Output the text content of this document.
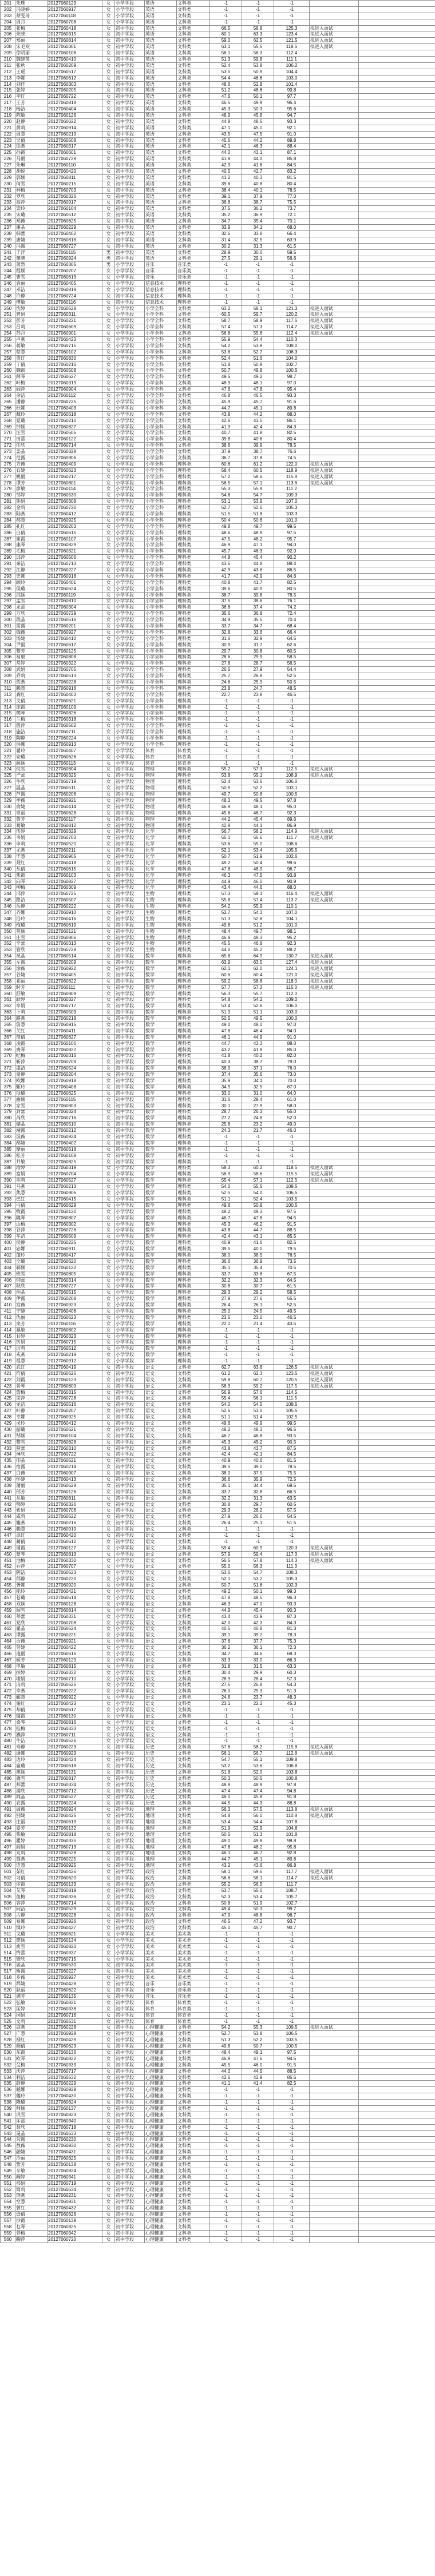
201	朱珠	20127060129	女	小学学段	英语	文科类	-1	-1	-1		
202	冯晓娇	20127060917	女	小学学段	英语	文科类	-1	-1	-1		
203	蔡雯琦	20127060118	女	小学学段	英语	文科类	-1	-1	-1		
204	周丹	20127060708	女	小学学段	英语	文科类	-1	-1	-1		
205	张梅	20127060418	女	初中学段	英语	文科类	66.5	58.8	125.3	拟进入面试	
206	朱晓	20127060315	女	初中学段	英语	文科类	60.1	63.3	123.4	拟进入面试	
207	郑丽	20127060814	女	初中学段	英语	文科类	59.0	62.5	121.5	拟进入面试	
208	宋毛欢	20127060301	女	初中学段	英语	文科类	63.1	55.5	118.6	拟进入面试	
209	徐明丽	20127060108	女	初中学段	英语	文科类	56.1	56.3	112.4		
210	魏建英	20127060410	女	初中学段	英语	文科类	51.3	59.8	111.1		
211	张秋	20127060209	女	初中学段	英语	文科类	52.4	53.8	106.2		
212	王瑶	20127060517	女	初中学段	英语	文科类	53.5	50.9	104.4		
213	李娜	20127060612	女	初中学段	英语	文科类	54.4	48.6	103.0		
214	刘佳	20127060303	女	初中学段	英语	文科类	48.6	52.8	101.4		
215	张婷	20127060205	女	初中学段	英语	文科类	51.2	48.6	99.8		
216	李红	20127060722	女	初中学段	英语	文科类	47.6	50.1	97.7		
217	王芳	20127060818	女	初中学段	英语	文科类	46.5	49.9	96.4		
218	杨洁	20127060404	女	初中学段	英语	文科类	45.3	50.3	95.6		
219	陈敏	20127060126	女	初中学段	英语	文科类	48.9	45.8	94.7		
220	赵静	20127060622	女	初中学段	英语	文科类	44.8	48.5	93.3		
221	黄莉	20127060914	女	初中学段	英语	文科类	47.1	45.0	92.1		
222	周慧	20127060219	女	初中学段	英语	文科类	43.5	47.5	91.0		
223	吴倩	20127060508	女	初中学段	英语	文科类	45.6	44.2	89.8		
224	徐燕	20127060317	女	初中学段	英语	文科类	42.1	46.3	88.4		
225	孙霞	20127060601	女	初中学段	英语	文科类	44.0	43.1	87.1		
226	马丽	20127060729	女	初中学段	英语	文科类	41.8	44.0	85.8		
227	朱琳	20127060110	女	初中学段	英语	文科类	42.9	41.6	84.5		
228	胡悦	20127060420	女	初中学段	英语	文科类	40.5	42.7	83.2		
229	郭颖	20127060811	女	初中学段	英语	文科类	41.2	40.3	81.5		
230	何雪	20127060215	女	初中学段	英语	文科类	39.6	40.8	80.4		
231	林梅	20127060703	女	初中学段	英语	文科类	38.4	40.1	78.5		
232	罗欣	20127060326	女	初中学段	英语	文科类	39.1	37.9	77.0		
233	高萍	20127060917	女	初中学段	英语	文科类	36.8	38.7	75.5		
234	梁玲	20127060104	女	初中学段	英语	文科类	37.5	36.2	73.7		
235	宋璐	20127060512	女	初中学段	英语	文科类	35.2	36.9	72.1		
236	郑薇	20127060625	女	初中学段	英语	文科类	34.7	35.4	70.1		
237	谢晶	20127060229	女	初中学段	英语	文科类	33.9	34.1	68.0		
238	韩蕾	20127060402	女	初中学段	英语	文科类	32.6	33.8	66.4		
239	唐婕	20127060818	女	初中学段	英语	文科类	31.4	32.5	63.9		
240	冯露	20127060727	女	初中学段	英语	文科类	30.2	31.3	61.5		
241	于洋	20127060115	男	初中学段	英语	文科类	28.9	30.6	59.5		
242	董鹏	20127060924	男	初中学段	英语	文科类	27.5	29.1	56.6		
243	萧然	20127060306	男	小学学段	音乐	音乐类	-1	-1	-1		
244	程颖	20127060207	女	小学学段	音乐	音乐类	-1	-1	-1		
245	曹雪	20127060613	女	小学学段	音乐	音乐类	-1	-1	-1		
246	袁丽	20127060405	女	小学学段	信息技术	理科类	-1	-1	-1		
247	邓洁	20127060819	女	小学学段	信息技术	理科类	-1	-1	-1		
248	许静	20127060724	女	初中学段	信息技术	理科类	-1	-1	-1		
249	傅敏	20127060116	女	初中学段	信息技术	理科类	-1	-1	-1		
250	沈婷	20127060528	女	小学学段	小学全科	文科类	63.2	58.1	121.3	拟进入面试	
251	曾娟	20127060311	女	小学学段	小学全科	文科类	60.5	59.7	120.2	拟进入面试	
252	彭芳	20127060221	女	小学学段	小学全科	文科类	58.7	58.9	117.6	拟进入面试	
253	吕莉	20127060609	女	小学学段	小学全科	文科类	57.4	57.3	114.7	拟进入面试	
254	苏丹	20127060901	女	小学学段	小学全科	文科类	56.8	55.6	112.4	拟进入面试	
255	卢燕	20127060423	女	小学学段	小学全科	文科类	55.9	54.4	110.3		
256	蒋敏	20127060715	女	小学学段	小学全科	文科类	54.2	53.8	108.0		
257	蔡慧	20127060102	女	小学学段	小学全科	文科类	53.6	52.7	106.3		
258	贾红	20127060830	女	小学学段	小学全科	文科类	52.4	51.6	104.0		
259	丁倩	20127060216	女	小学学段	小学全科	文科类	51.8	50.9	102.7		
260	魏霞	20127060508	女	小学学段	小学全科	文科类	50.7	49.8	100.5		
261	薛琴	20127060627	女	小学学段	小学全科	文科类	49.5	49.2	98.7		
262	叶梅	20127060319	女	小学学段	小学全科	文科类	48.9	48.1	97.0		
263	阎萍	20127060904	女	小学学段	小学全科	文科类	47.6	47.8	95.4		
264	余洁	20127060112	女	小学学段	小学全科	文科类	46.8	46.5	93.3		
265	潘静	20127060725	女	小学学段	小学全科	文科类	45.9	45.7	91.6		
266	杜娜	20127060403	女	小学学段	小学全科	文科类	44.7	45.1	89.8		
267	戴玲	20127060618	女	小学学段	小学全科	文科类	43.8	44.2	88.0		
268	夏璐	20127060210	女	小学学段	小学全科	文科类	42.6	43.5	86.1		
269	钟颖	20127060827	女	小学学段	小学全科	文科类	41.9	42.4	84.3		
270	汪雪	20127060505	女	小学学段	小学全科	文科类	40.7	41.8	82.5		
271	田蕾	20127060122	女	小学学段	小学全科	文科类	39.8	40.6	80.4		
272	任欣	20127060714	女	小学学段	小学全科	文科类	38.6	39.9	78.5		
273	姜晶	20127060328	女	小学学段	小学全科	文科类	37.9	38.7	76.6		
274	范露	20127060906	女	小学学段	小学全科	文科类	36.7	37.8	74.5		
275	方薇	20127060409	女	小学学段	小学全科	理科类	60.8	61.2	122.0	拟进入面试	
276	石婕	20127060623	女	小学学段	小学全科	理科类	58.4	60.5	118.9	拟进入面试	
277	姚丽	20127060217	女	小学学段	小学全科	理科类	57.2	58.6	115.8	拟进入面试	
278	谭芳	20127060801	女	小学学段	小学全科	理科类	56.5	57.1	113.6	拟进入面试	
279	廖敏	20127060114	女	小学学段	小学全科	理科类	55.3	55.9	111.2		
280	邹婷	20127060530	女	小学学段	小学全科	理科类	54.6	54.7	109.3		
281	熊娟	20127060308	女	小学学段	小学全科	理科类	53.1	53.9	107.0		
282	金莉	20127060720	女	小学学段	小学全科	理科类	52.7	52.6	105.3		
283	陆燕	20127060412	女	小学学段	小学全科	理科类	51.5	51.8	103.3		
284	郝慧	20127060925	女	小学学段	小学全科	理科类	50.4	50.6	101.0		
285	孔红	20127060203	女	小学学段	小学全科	理科类	49.8	49.7	99.5		
286	白倩	20127060615	女	小学学段	小学全科	理科类	48.6	48.9	97.5		
287	崔霞	20127060107	女	小学学段	小学全科	理科类	47.5	48.2	95.7		
288	康琴	20127060829	女	小学学段	小学全科	理科类	46.9	47.1	94.0		
289	毛梅	20127060321	女	小学学段	小学全科	理科类	45.7	46.3	92.0		
290	邱萍	20127060506	女	小学学段	小学全科	理科类	44.8	45.4	90.2		
291	秦洁	20127060713	女	小学学段	小学全科	理科类	43.6	44.8	88.4		
292	江静	20127060227	女	小学学段	小学全科	理科类	42.9	43.6	86.5		
293	史娜	20127060918	女	小学学段	小学全科	理科类	41.7	42.9	84.6		
294	顾玲	20127060401	女	小学学段	小学全科	理科类	40.8	41.7	82.5		
295	侯璐	20127060624	女	小学学段	小学全科	理科类	39.6	40.9	80.5		
296	邵颖	20127060119	女	小学学段	小学全科	理科类	38.7	39.8	78.5		
297	孟雪	20127060810	女	小学学段	小学全科	理科类	37.5	38.6	76.1		
298	龙蕾	20127060304	女	小学学段	小学全科	理科类	36.8	37.4	74.2		
299	万欣	20127060729	女	小学学段	小学全科	理科类	35.6	36.8	72.4		
300	段晶	20127060516	女	小学学段	小学全科	理科类	34.9	35.5	70.4		
301	雷露	20127060201	女	小学学段	小学全科	理科类	33.7	34.7	68.4		
302	钱薇	20127060927	女	小学学段	小学全科	理科类	32.8	33.6	66.4		
303	汤婕	20127060410	女	小学学段	小学全科	理科类	31.6	32.9	64.5		
304	尹丽	20127060617	女	小学学段	小学全科	理科类	30.9	31.7	62.6		
305	黎芳	20127060125	女	小学学段	小学全科	理科类	29.7	30.8	60.5		
306	易敏	20127060808	女	小学学段	小学全科	理科类	28.6	29.9	58.5		
307	常婷	20127060322	女	小学学段	小学全科	理科类	27.8	28.7	56.5		
308	武娟	20127060705	女	小学学段	小学全科	理科类	26.5	27.9	54.4		
309	乔莉	20127060513	女	小学学段	小学全科	理科类	25.7	26.8	52.5		
310	贺燕	20127060228	女	小学学段	小学全科	理科类	24.6	25.9	50.5		
311	赖慧	20127060916	女	小学学段	小学全科	理科类	23.8	24.7	48.5		
312	龚红	20127060403	女	小学学段	小学全科	理科类	22.7	23.8	46.5		
313	文倩	20127060621	女	小学学段	小学全科	理科类	-1	-1	-1		
314	庞霞	20127060109	女	小学学段	小学全科	理科类	-1	-1	-1		
315	樊琴	20127060826	女	小学学段	小学全科	理科类	-1	-1	-1		
316	兰梅	20127060318	女	小学学段	小学全科	理科类	-1	-1	-1		
317	殷萍	20127060502	女	小学学段	小学全科	理科类	-1	-1	-1		
318	施洁	20127060711	女	小学学段	小学全科	理科类	-1	-1	-1		
319	陶静	20127060224	女	小学学段	小学全科	理科类	-1	-1	-1		
320	洪娜	20127060913	女	小学学段	小学全科	理科类	-1	-1	-1		
321	翟玲	20127060407	女	小学学段	体育	体育类	-1	-1	-1		
322	安璐	20127060626	女	小学学段	体育	体育类	-1	-1	-1		
323	颜颖	20127060113	女	小学学段	体育	体育类	-1	-1	-1		
324	倪雪	20127060804	女	初中学段	物理	理科类	55.2	57.3	112.5	拟进入面试	
325	严蕾	20127060325	女	初中学段	物理	理科类	53.8	55.1	108.9	拟进入面试	
326	牛欣	20127060719	女	初中学段	物理	理科类	52.4	53.6	106.0		
327	温晶	20127060511	女	初中学段	物理	理科类	50.9	52.2	103.1		
328	芦露	20127060206	女	初中学段	物理	理科类	49.7	50.8	100.5		
329	季薇	20127060921	女	初中学段	物理	理科类	48.3	49.5	97.8		
330	俞婕	20127060414	女	初中学段	物理	理科类	46.9	48.1	95.0		
331	章丽	20127060628	女	初中学段	物理	理科类	45.6	46.7	92.3		
332	鲁芳	20127060117	女	初中学段	物理	理科类	44.2	45.4	89.6		
333	葛敏	20127060812	女	初中学段	物理	理科类	42.8	44.1	86.9		
334	伍婷	20127060329	女	初中学段	化学	理科类	56.7	58.2	114.9	拟进入面试	
335	韦娟	20127060703	女	初中学段	化学	理科类	55.1	56.6	111.7	拟进入面试	
336	申莉	20127060520	女	初中学段	化学	理科类	53.6	55.0	108.6		
337	尤燕	20127060211	女	初中学段	化学	理科类	52.1	53.4	105.5		
338	毕慧	20127060905	女	初中学段	化学	理科类	50.7	51.9	102.6		
339	聂红	20127060418	女	初中学段	化学	理科类	49.2	50.4	99.6		
340	丛倩	20127060615	女	初中学段	化学	理科类	47.8	48.9	96.7		
341	焦霞	20127060103	女	初中学段	化学	理科类	46.3	47.5	93.8		
342	向琴	20127060827	女	初中学段	化学	理科类	44.9	46.0	90.9		
343	柳梅	20127060309	女	初中学段	化学	理科类	43.4	44.6	88.0		
344	邢萍	20127060725	女	初中学段	生物	理科类	57.3	59.1	116.4	拟进入面试	
345	路洁	20127060507	女	初中学段	生物	理科类	55.8	57.4	113.2	拟进入面试	
346	岳静	20127060222	女	初中学段	生物	理科类	54.2	55.9	110.1		
347	齐娜	20127060910	女	初中学段	生物	理科类	52.7	54.3	107.0		
348	沿玲	20127060416	女	初中学段	生物	理科类	51.3	52.8	104.1		
349	梅璐	20127060619	女	初中学段	生物	理科类	49.8	51.2	101.0		
350	莫颖	20127060121	女	初中学段	生物	理科类	48.4	49.7	98.1		
351	庄雪	20127060806	女	初中学段	生物	理科类	46.9	48.3	95.2		
352	辛蕾	20127060313	女	初中学段	生物	理科类	45.5	46.8	92.3		
353	管欣	20127060728	女	初中学段	生物	理科类	44.0	45.2	89.2		
354	祝晶	20127060514	女	初中学段	数学	理科类	65.8	64.9	130.7	拟进入面试	
355	左露	20127060209	女	初中学段	数学	理科类	63.9	63.5	127.4	拟进入面试	
356	涂薇	20127060922	女	初中学段	数学	理科类	62.1	62.0	124.1	拟进入面试	
357	谷婕	20127060405	女	初中学段	数学	理科类	60.6	60.4	121.0	拟进入面试	
358	祁丽	20127060622	女	初中学段	数学	理科类	59.2	58.8	118.0	拟进入面试	
359	时芳	20127060111	女	初中学段	数学	理科类	57.7	57.3	115.0	拟进入面试	
360	舒敏	20127060809	女	初中学段	数学	理科类	56.3	55.7	112.0		
361	耿婷	20127060327	女	初中学段	数学	理科类	54.8	54.2	109.0		
362	牟娟	20127060717	女	初中学段	数学	理科类	53.4	52.6	106.0		
363	卜莉	20127060503	女	初中学段	数学	理科类	51.9	51.1	103.0		
364	路燕	20127060218	女	初中学段	数学	理科类	50.5	49.5	100.0		
365	詹慧	20127060915	女	初中学段	数学	理科类	49.0	48.0	97.0		
366	关红	20127060411	女	初中学段	数学	理科类	47.6	46.4	94.0		
367	苗倩	20127060627	女	初中学段	数学	理科类	46.1	44.9	91.0		
368	凌霞	20127060106	女	初中学段	数学	理科类	44.7	43.3	88.0		
369	费琴	20127060822	女	初中学段	数学	理科类	43.2	41.8	85.0		
370	纪梅	20127060316	女	初中学段	数学	理科类	41.8	40.2	82.0		
371	靳萍	20127060709	女	初中学段	数学	理科类	40.3	38.7	79.0		
372	盛洁	20127060524	女	初中学段	数学	理科类	38.9	37.1	76.0		
373	童静	20127060204	女	初中学段	数学	理科类	37.4	35.6	73.0		
374	欧娜	20127060918	女	初中学段	数学	理科类	35.9	34.1	70.0		
375	甄玲	20127060408	女	初中学段	数学	理科类	34.5	32.5	67.0		
376	项璐	20127060625	女	初中学段	数学	理科类	33.0	31.0	64.0		
377	曲颖	20127060115	女	初中学段	数学	理科类	31.6	29.4	61.0		
378	家雪	20127060803	女	初中学段	数学	理科类	30.1	27.9	58.0		
379	封蕾	20127060324	女	初中学段	数学	理科类	28.7	26.3	55.0		
380	芮欣	20127060716	女	初中学段	数学	理科类	27.2	24.8	52.0		
381	储晶	20127060510	女	初中学段	数学	理科类	25.8	23.2	49.0		
382	靖露	20127060212	女	初中学段	数学	理科类	24.3	21.7	46.0		
383	汲薇	20127060924	女	初中学段	数学	理科类	-1	-1	-1		
384	邴婕	20127060402	女	初中学段	数学	理科类	-1	-1	-1		
385	糜丽	20127060618	女	初中学段	数学	理科类	-1	-1	-1		
386	松芳	20127060108	女	初中学段	数学	理科类	-1	-1	-1		
387	井敏	20127060825	女	初中学段	数学	理科类	-1	-1	-1		
388	段婷	20127060319	女	小学学段	数学	理科类	58.3	60.2	118.5	拟进入面试	
389	富娟	20127060704	女	小学学段	数学	理科类	56.9	58.6	115.5	拟进入面试	
390	巫莉	20127060527	女	小学学段	数学	理科类	55.4	57.1	112.5	拟进入面试	
391	乌燕	20127060213	女	小学学段	数学	理科类	54.0	55.5	109.5		
392	焦慧	20127060906	女	小学学段	数学	理科类	52.5	54.0	106.5		
393	巴红	20127060415	女	小学学段	数学	理科类	51.1	52.4	103.5		
394	弓倩	20127060629	女	小学学段	数学	理科类	49.6	50.9	100.5		
395	牧霞	20127060120	女	小学学段	数学	理科类	48.2	49.3	97.5		
396	隗琴	20127060807	女	小学学段	数学	理科类	46.7	47.8	94.5		
397	山梅	20127060302	女	小学学段	数学	理科类	45.3	46.2	91.5		
398	谷萍	20127060726	女	小学学段	数学	理科类	43.8	44.7	88.5		
399	车洁	20127060509	女	小学学段	数学	理科类	42.4	43.1	85.5		
400	侯静	20127060225	女	小学学段	数学	理科类	40.9	41.6	82.5		
401	宓娜	20127060911	女	小学学段	数学	理科类	39.5	40.0	79.5		
402	蓬玲	20127060417	女	小学学段	数学	理科类	38.0	38.5	76.5		
403	全璐	20127060620	女	小学学段	数学	理科类	36.6	36.9	73.5		
404	郗颖	20127060122	女	小学学段	数学	理科类	35.1	35.4	70.5		
405	班雪	20127060805	女	小学学段	数学	理科类	33.7	33.8	67.5		
406	仰蕾	20127060314	女	小学学段	数学	理科类	32.2	32.3	64.5		
407	秋欣	20127060727	女	小学学段	数学	理科类	30.8	30.7	61.5		
408	仲晶	20127060515	女	小学学段	数学	理科类	29.3	29.2	58.5		
409	伊露	20127060208	女	小学学段	数学	理科类	27.9	27.6	55.5		
410	宫薇	20127060923	女	小学学段	数学	理科类	26.4	26.1	52.5		
411	宁婕	20127060406	女	小学学段	数学	理科类	25.0	24.5	49.5		
412	仇丽	20127060623	女	小学学段	数学	理科类	23.5	23.0	46.5		
413	栾芳	20127060116	女	小学学段	数学	理科类	22.1	21.4	43.5		
414	暴敏	20127060802	女	小学学段	数学	理科类	-1	-1	-1		
415	甘婷	20127060323	女	小学学段	数学	理科类	-1	-1	-1		
416	钭娟	20127060715	女	小学学段	数学	理科类	-1	-1	-1		
417	厉莉	20127060512	女	小学学段	数学	理科类	-1	-1	-1		
418	戎燕	20127060219	女	小学学段	数学	理科类	-1	-1	-1		
419	祖慧	20127060912	女	小学学段	数学	理科类	-1	-1	-1		
420	武红	20127060419	女	初中学段	语文	文科类	62.7	63.8	126.5	拟进入面试	
421	符倩	20127060626	女	初中学段	语文	文科类	61.2	62.3	123.5	拟进入面试	
422	刘霞	20127060123	女	初中学段	语文	文科类	59.8	60.7	120.5	拟进入面试	
423	景琴	20127060809	女	初中学段	语文	文科类	58.3	59.2	117.5	拟进入面试	
424	詹梅	20127060315	女	初中学段	语文	文科类	56.9	57.6	114.5		
425	束萍	20127060728	女	初中学段	语文	文科类	55.4	56.1	111.5		
426	龙洁	20127060516	女	初中学段	语文	文科类	54.0	54.5	108.5		
427	叶静	20127060207	女	初中学段	语文	文科类	52.5	53.0	105.5		
428	幸娜	20127060925	女	初中学段	语文	文科类	51.1	51.4	102.5		
429	司玲	20127060412	女	初中学段	语文	文科类	49.6	49.9	99.5		
430	韶璐	20127060621	女	初中学段	语文	文科类	48.2	48.3	96.5		
431	郜颖	20127060104	女	初中学段	语文	文科类	46.7	46.8	93.5		
432	黎雪	20127060828	女	初中学段	语文	文科类	45.3	45.2	90.5		
433	蓟蕾	20127060310	女	初中学段	语文	文科类	43.8	43.7	87.5		
434	薄欣	20127060722	女	初中学段	语文	文科类	42.4	42.1	84.5		
435	印晶	20127060521	女	初中学段	语文	文科类	40.9	40.6	81.5		
436	宿露	20127060214	女	初中学段	语文	文科类	39.5	39.0	78.5		
437	白薇	20127060907	女	初中学段	语文	文科类	38.0	37.5	75.5		
438	怀婕	20127060413	女	初中学段	语文	文科类	36.6	35.9	72.5		
439	蒲丽	20127060628	女	初中学段	语文	文科类	35.1	34.4	69.5		
440	邰芳	20127060126	女	初中学段	语文	文科类	33.7	32.8	66.5		
441	从敏	20127060811	女	初中学段	语文	文科类	32.2	31.3	63.5		
442	鄂婷	20127060326	女	初中学段	语文	文科类	30.8	29.7	60.5		
443	索娟	20127060706	女	初中学段	语文	文科类	29.3	28.2	57.5		
444	咸莉	20127060522	女	初中学段	语文	文科类	27.9	26.6	54.5		
445	籍燕	20127060216	女	初中学段	语文	文科类	26.4	25.1	51.5		
446	赖慧	20127060919	女	初中学段	语文	文科类	-1	-1	-1		
447	卓红	20127060420	女	初中学段	语文	文科类	-1	-1	-1		
448	蔺倩	20127060612	女	初中学段	语文	文科类	-1	-1	-1		
449	屠霞	20127060127	女	小学学段	语文	文科类	59.4	60.9	120.3	拟进入面试	
450	蒙琴	20127060813	女	小学学段	语文	文科类	57.9	59.4	117.3	拟进入面试	
451	池梅	20127060330	女	小学学段	语文	文科类	56.5	57.8	114.3	拟进入面试	
452	乔萍	20127060707	女	小学学段	语文	文科类	55.0	56.3	111.3		
453	阴洁	20127060523	女	小学学段	语文	文科类	53.6	54.7	108.3		
454	郁静	20127060220	女	小学学段	语文	文科类	52.1	53.2	105.3		
455	胥娜	20127060920	女	小学学段	语文	文科类	50.7	51.6	102.3		
456	能玲	20127060421	女	小学学段	语文	文科类	49.2	50.1	99.3		
457	苍璐	20127060614	女	小学学段	语文	文科类	47.8	48.5	96.3		
458	双颖	20127060128	女	小学学段	语文	文科类	46.3	47.0	93.3		
459	闻雪	20127060814	女	小学学段	语文	文科类	44.9	45.4	90.3		
460	莘蕾	20127060331	女	小学学段	语文	文科类	43.4	43.9	87.3		
461	党欣	20127060708	女	小学学段	语文	文科类	42.0	42.3	84.3		
462	翟晶	20127060524	女	小学学段	语文	文科类	40.5	40.8	81.3		
463	谭露	20127060221	女	小学学段	语文	文科类	39.1	39.2	78.3		
464	贡薇	20127060921	女	小学学段	语文	文科类	37.6	37.7	75.3		
465	劳婕	20127060422	女	小学学段	语文	文科类	36.2	36.1	72.3		
466	逄丽	20127060616	女	小学学段	语文	文科类	34.7	34.6	69.3		
467	姬芳	20127060129	女	小学学段	语文	文科类	33.3	33.0	66.3		
468	申敏	20127060815	女	小学学段	语文	文科类	31.8	31.5	63.3		
469	扶婷	20127060332	女	小学学段	语文	文科类	30.4	29.9	60.3		
470	堵娟	20127060710	女	小学学段	语文	文科类	28.9	28.4	57.3		
471	冉莉	20127060525	女	小学学段	语文	文科类	27.5	26.8	54.3		
472	宰燕	20127060222	女	小学学段	语文	文科类	26.0	25.3	51.3		
473	郦慧	20127060922	女	小学学段	语文	文科类	24.6	23.7	48.3		
474	雍红	20127060423	女	小学学段	语文	文科类	23.1	22.2	45.3		
475	却倩	20127060617	女	小学学段	语文	文科类	-1	-1	-1		
476	璩霞	20127060130	女	小学学段	语文	文科类	-1	-1	-1		
477	桑琴	20127060816	女	小学学段	语文	文科类	-1	-1	-1		
478	桂梅	20127060333	女	小学学段	语文	文科类	-1	-1	-1		
479	濮萍	20127060711	女	小学学段	语文	文科类	-1	-1	-1		
480	牛洁	20127060526	女	小学学段	语文	文科类	-1	-1	-1		
481	寿静	20127060223	女	初中学段	历史	文科类	57.6	58.2	115.8	拟进入面试	
482	通娜	20127060923	女	初中学段	历史	文科类	56.1	56.7	112.8	拟进入面试	
483	边玲	20127060424	女	初中学段	历史	文科类	54.7	55.1	109.8		
484	扈璐	20127060618	女	初中学段	历史	文科类	53.2	53.6	106.8		
485	燕颖	20127060131	女	初中学段	历史	文科类	51.8	52.0	103.8		
486	冀雪	20127060817	女	初中学段	历史	文科类	50.3	50.5	100.8		
487	郏蕾	20127060334	女	初中学段	历史	文科类	48.9	48.9	97.8		
488	浦欣	20127060712	女	初中学段	历史	文科类	47.4	47.4	94.8		
489	尚晶	20127060527	女	初中学段	历史	文科类	46.0	45.8	91.8		
490	农露	20127060224	女	初中学段	历史	文科类	44.5	44.3	88.8		
491	温薇	20127060924	女	初中学段	地理	文科类	56.3	57.5	113.8	拟进入面试	
492	别婕	20127060425	女	初中学段	地理	文科类	54.8	56.0	110.8	拟进入面试	
493	庄丽	20127060619	女	初中学段	地理	文科类	53.4	54.4	107.8		
494	晏芳	20127060132	女	初中学段	地理	文科类	51.9	52.9	104.8		
495	柴敏	20127060818	女	初中学段	地理	文科类	50.5	51.3	101.8		
496	瞿婷	20127060335	女	初中学段	地理	文科类	49.0	49.8	98.8		
497	阎娟	20127060713	女	初中学段	地理	文科类	47.6	48.2	95.8		
498	充莉	20127060528	女	初中学段	地理	文科类	46.1	46.7	92.8		
499	慕燕	20127060225	女	初中学段	地理	文科类	44.7	45.1	89.8		
500	连慧	20127060925	女	初中学段	地理	文科类	43.2	43.6	86.8		
501	茹红	20127060426	女	初中学段	政治	文科类	58.1	59.6	117.7	拟进入面试	
502	习倩	20127060620	女	初中学段	政治	文科类	56.6	58.1	114.7	拟进入面试	
503	宦霞	20127060133	女	初中学段	政治	文科类	55.2	56.5	111.7		
504	艾琴	20127060819	女	初中学段	政治	文科类	53.7	55.0	108.7		
505	鱼梅	20127060336	女	初中学段	政治	文科类	52.3	53.4	105.7		
506	容萍	20127060714	女	初中学段	政治	文科类	50.8	51.9	102.7		
507	向洁	20127060529	女	初中学段	政治	文科类	49.4	50.3	99.7		
508	古静	20127060226	女	初中学段	政治	文科类	47.9	48.8	96.7		
509	易娜	20127060926	女	初中学段	政治	文科类	46.5	47.2	93.7		
510	慎玲	20127060427	女	初中学段	政治	文科类	45.0	45.7	90.7		
511	戈璐	20127060621	女	小学学段	美术	美术类	-1	-1	-1		
512	廖颖	20127060134	女	小学学段	美术	美术类	-1	-1	-1		
513	庾雪	20127060820	女	小学学段	美术	美术类	-1	-1	-1		
514	终蕾	20127060337	女	小学学段	美术	美术类	-1	-1	-1		
515	暨欣	20127060715	女	小学学段	美术	美术类	-1	-1	-1		
516	居晶	20127060530	女	初中学段	美术	美术类	-1	-1	-1		
517	衡露	20127060227	女	初中学段	美术	美术类	-1	-1	-1		
518	步薇	20127060927	女	初中学段	美术	美术类	-1	-1	-1		
519	都婕	20127060428	女	初中学段	音乐	音乐类	-1	-1	-1		
520	耿丽	20127060622	女	初中学段	音乐	音乐类	-1	-1	-1		
521	满芳	20127060135	女	初中学段	音乐	音乐类	-1	-1	-1		
522	弘敏	20127060821	女	初中学段	体育	体育类	-1	-1	-1		
523	匡婷	20127060338	女	初中学段	体育	体育类	-1	-1	-1		
524	国娟	20127060716	女	初中学段	体育	体育类	-1	-1	-1		
525	文莉	20127060531	女	初中学段	体育	体育类	-1	-1	-1		
526	寇燕	20127060228	女	初中学段	心理健康	文科类	54.2	55.3	109.5	拟进入面试	
527	广慧	20127060928	女	初中学段	心理健康	文科类	52.7	53.8	106.5		
528	禄红	20127060429	女	初中学段	心理健康	文科类	51.3	52.2	103.5		
529	阙倩	20127060623	女	初中学段	心理健康	文科类	49.8	50.7	100.5		
530	东霞	20127060136	女	初中学段	心理健康	文科类	48.4	49.1	97.5		
531	欧琴	20127060822	女	初中学段	心理健康	文科类	46.9	47.6	94.5		
532	殳梅	20127060339	女	初中学段	心理健康	文科类	45.5	46.0	91.5		
533	沃萍	20127060717	女	初中学段	心理健康	文科类	44.0	44.5	88.5		
534	利洁	20127060532	女	初中学段	心理健康	文科类	42.6	42.9	85.5		
535	蔚静	20127060229	女	初中学段	心理健康	文科类	41.1	41.4	82.5		
536	越娜	20127060929	女	初中学段	心理健康	文科类	-1	-1	-1		
537	夔玲	20127060430	女	初中学段	心理健康	文科类	-1	-1	-1		
538	隆璐	20127060624	女	初中学段	心理健康	文科类	-1	-1	-1		
539	师颖	20127060137	女	初中学段	心理健康	文科类	-1	-1	-1		
540	巩雪	20127060823	女	初中学段	心理健康	文科类	-1	-1	-1		
541	厍蕾	20127060340	女	初中学段	心理健康	文科类	-1	-1	-1		
542	聂欣	20127060718	女	初中学段	心理健康	文科类	-1	-1	-1		
543	晁晶	20127060533	女	初中学段	心理健康	文科类	-1	-1	-1		
544	勾露	20127060230	女	初中学段	心理健康	文科类	-1	-1	-1		
545	敖薇	20127060930	女	初中学段	心理健康	文科类	-1	-1	-1		
546	融婕	20127060431	女	初中学段	心理健康	文科类	-1	-1	-1		
547	冷丽	20127060625	女	初中学段	心理健康	文科类	-1	-1	-1		
548	訾芳	20127060138	女	初中学段	心理健康	文科类	-1	-1	-1		
549	辛敏	20127060824	女	初中学段	心理健康	文科类	-1	-1	-1		
550	阚婷	20127060341	女	初中学段	心理健康	文科类	-1	-1	-1		
551	那娟	20127060719	女	初中学段	心理健康	文科类	-1	-1	-1		
552	简莉	20127060534	女	初中学段	心理健康	文科类	-1	-1	-1		
553	饶燕	20127060231	女	初中学段	心理健康	文科类	-1	-1	-1		
554	空慧	20127060931	女	初中学段	心理健康	文科类	-1	-1	-1		
555	曾红	20127060432	女	初中学段	心理健康	文科类	-1	-1	-1		
556	毋倩	20127060626	女	初中学段	心理健康	文科类	-1	-1	-1		
557	沙霞	20127060139	女	初中学段	心理健康	文科类	-1	-1	-1		
558	乜琴	20127060825	女	初中学段	心理健康	文科类	-1	-1	-1		
559	养梅	20127060342	女	初中学段	心理健康	文科类	-1	-1	-1		
560	鞠萍	20127060720	女	初中学段	心理健康	文科类	-1	-1	-1		
